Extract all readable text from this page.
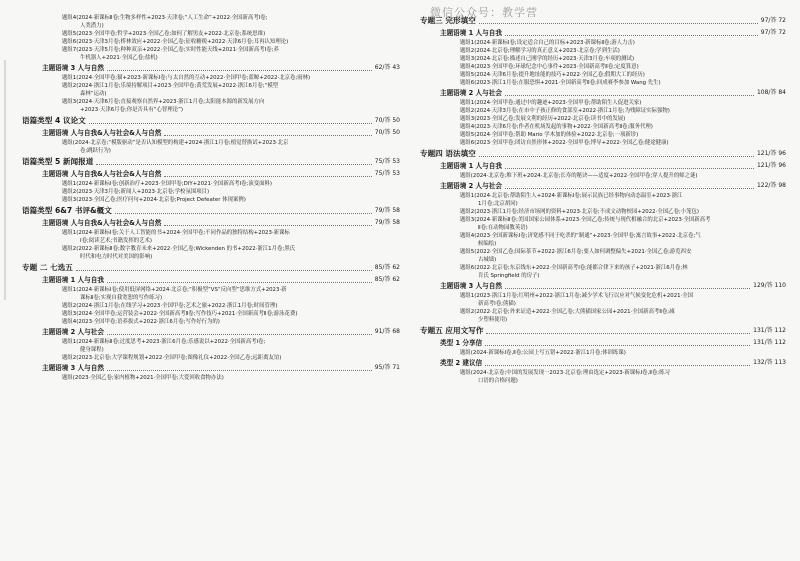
微信公众号：教学营
题组4(2024·新课标Ⅱ卷;生物多样性+2023·天津卷;“人工生命”+2022·全国新高考Ⅰ卷;
人类潜力)
题组5(2023·全国甲卷;哲学+2023·全国乙卷;如何了解男友+2022·北京卷;系统思维)
题组6(2023·天津3月卷;桥林效应+2022·全国乙卷;征收糖税+2022·天津6月卷;耳再认知理论)
题组7(2023·天津5月卷;种种双亲+2022·全国乙卷;实时性能天线+2021·全国新高考Ⅰ卷;养
牛机器人+2021·全国乙卷;盐机)
主题语境 3 人与自然	62/答 43
题组1(2024·全国甲卷;猫+2023·新课标Ⅰ卷;与太自然的互动+2022·全国甲卷;蓝鲸+2022·北京卷;雨林)
题组2(2024·浙江1月卷;乐境持解项目+2023·全国甲卷;黄荒发展+2022·浙江6月卷;“模型
森林”运动)
题组3(2024·天津6月卷;直接观察自然界+2023·浙江1月卷;太阳能本源的新发展方向
+2023·天津6月卷;你是否具有“心智理论”)
语篇类型 4 议论文	70/答 50
主题语境 人与自我&人与社会&人与自然	70/答 50
题组(2024·北京卷;“模版驱动”是否认知模型的构建+2024·浙江1月卷;植觉替换试+2023·北京
卷;跳跃行为)
语篇类型 5 新闻报道	75/答 53
主题语境 人与自我&人与社会&人与自然	75/答 53
题组1(2024·新课标Ⅰ卷;创新治疗+2023·全国甲卷;DIY+2021·全国新高考Ⅰ卷;演变面料)
题组2(2023·天津3月卷;新闻人+2023·北京卷;学校氛围项目)
题组3(2023·全国乙卷;医疗问句+2024·北京卷;Project Defeater 体现案例)
语篇类型 6&7 书评&概文	79/答 58
主题语境 人与自我&人与社会&人与自然	79/答 58
题组1(2024·新课标Ⅰ卷;关于人工智能的书+2024·全国甲卷;不同作品的独特结构+2023·新课标
Ⅰ卷;阅读艺术;书籍发挥的艺术)
题组2(2022·新课标Ⅱ卷;数字教育未来+2022·全国乙卷;Wickenden 的书+2022·浙江1月卷;黑氏
时代和电力时代对美国的影响)
专题 二 七选五	85/答 62
主题语境 1 人与自我	85/答 62
题组1(2024·新课标Ⅰ卷;使用低屏网络+2024·北京卷;“积极型”VS“反向型”思维方式+2023·新
课标Ⅱ卷;实现自我宽恕的写作练习)
题组2(2024·浙江1月卷;在线学习+2023·全国甲卷;艺术之旅+2022·浙江1月卷;时间管理)
题组3(2024·全国甲卷;运营装会+2022·全国新高考Ⅱ卷;写作技巧+2021·全国新高考Ⅱ卷;游泳花费)
题组4(2023·全国甲卷;语养拔式+2022·浙江6月卷;写作好行为的)
主题语境 2 人与社会	91/答 68
题组1(2024·新课标Ⅱ卷;过度思考+2023·浙江6月卷;乐感说以+2022·全国新高考Ⅰ卷;
健身课程)
题组2(2023·北京卷;大学课程规划+2022·全国甲卷;图像礼仪+2022·全国乙卷;远距离友谊)
主题语境 3 人与自然	95/答 71
题组(2023·全国乙卷;家内植物+2021·全国甲卷;大爱回收食物办法)
专题三 完形填空	97/答 72
主题语境 1 人与自我	97/答 72
题组1(2024·新课标Ⅰ卷;设定适合自己的目标+2023·新课标Ⅱ卷;游人力击)
题组2(2024·北京卷;理解学习的真正意义+2023·北京卷;学到生活)
题组3(2024·北京卷;描述自己刚学的经历+2023·天津3月卷;车项的测试)
题组4(2023·全国甲卷;环球纪念中心事件+2023·全国新高考Ⅱ卷;定度算意)
题组5(2024·天津6月卷;提升地址能的技巧+2022·全国乙卷;假期大工的经历)
题组6(2023·浙江1月卷;在服恐惧+2021·全国新高考Ⅱ卷;回成赛李参加 Wang 先生)
主题语境 2 人与社会	108/答 84
题组1(2024·全国甲卷;通过中的趣迹+2023·全国甲卷;帮助陌生人促进关家)
题组2(2024·天津3月卷;在市中子孩正修的食部室+2022·浙江1月卷;为残障证实际强物)
题组3(2023·全国乙卷;发展文利的经历+2022·北京卷;读书中的发展)
题组4(2023·天津6月卷;作者在机场发起的事物+2022·全国新高考Ⅱ卷;服务代理)
题组5(2024·全国甲卷;帮助 Mario 学木加的体验+2022·北京卷;一项新诊)
题组6(2023·全国甲卷;团访自然形体+2022·全国甲卷;博导+2022·全国乙卷;健途健康)
专题四 语法填空	121/答 96
主题语境 1 人与自我	121/答 96
题组(2024·北京卷;堆下班+2024·北京卷;长寿的秘诀——适度+2022·全国甲卷;穿人提升的师之谜)
主题语境 2 人与社会	122/答 98
题组1(2024·北京卷;帮助陌生人+2024·新课标Ⅰ卷;展示民族已经事物向动态温室+2023·浙江
1月卷;北京胡同)
题组2(2023·浙江1月卷;经济市场网的资料+2023·北京卷;不成文动物校园+2022·全国乙卷;小笼包)
题组3(2024·新课标Ⅱ卷;美国国家公园体系+2023·全国乙卷;传统与现代相融合的北京+2023·全国新高考
Ⅱ卷;在动物园教英语)
题组4(2023·全国新课标Ⅰ卷;济宽感不同于吃杀的“制通”+2023·全国甲卷;寓言故事+2022·北京卷;气
候编绘)
题组5(2022·全国乙卷;国际茶节+2022·浙江6月卷;要人如何调整偏失+2021·全国乙卷;游览西安
古城墙)
题组6(2022·北京卷;东京线东+2022·全国新高考Ⅰ卷;能都合律下来的孩子+2021·浙江6月卷;林
肯氏 Springfield 的房子)
主题语境 3 人与自然	129/答 110
题组1(2023·浙江1月卷;红明州+2022·浙江1月卷;减少学术飞行以应对气候变化危机+2021·全国
新高考Ⅰ卷;熊猫)
题组2(2022·北京卷;外来证造+2022·全国乙卷;大熊猫国家公园+2021·全国新高考Ⅱ卷;减
少塑料使用)
专题五 应用文写作	131/答 112
类型 1 分享信	131/答 112
题组(2024·新课标Ⅰ卷,Ⅱ卷;公园上写五错+2022·浙江1月卷;体训练课)
类型 2 建议信	132/答 113
题组(2024·北京卷;中国的发展发现一2023·北京卷;理由选定+2023·新课标Ⅰ卷,Ⅱ卷;练习
口语的合格问题)
